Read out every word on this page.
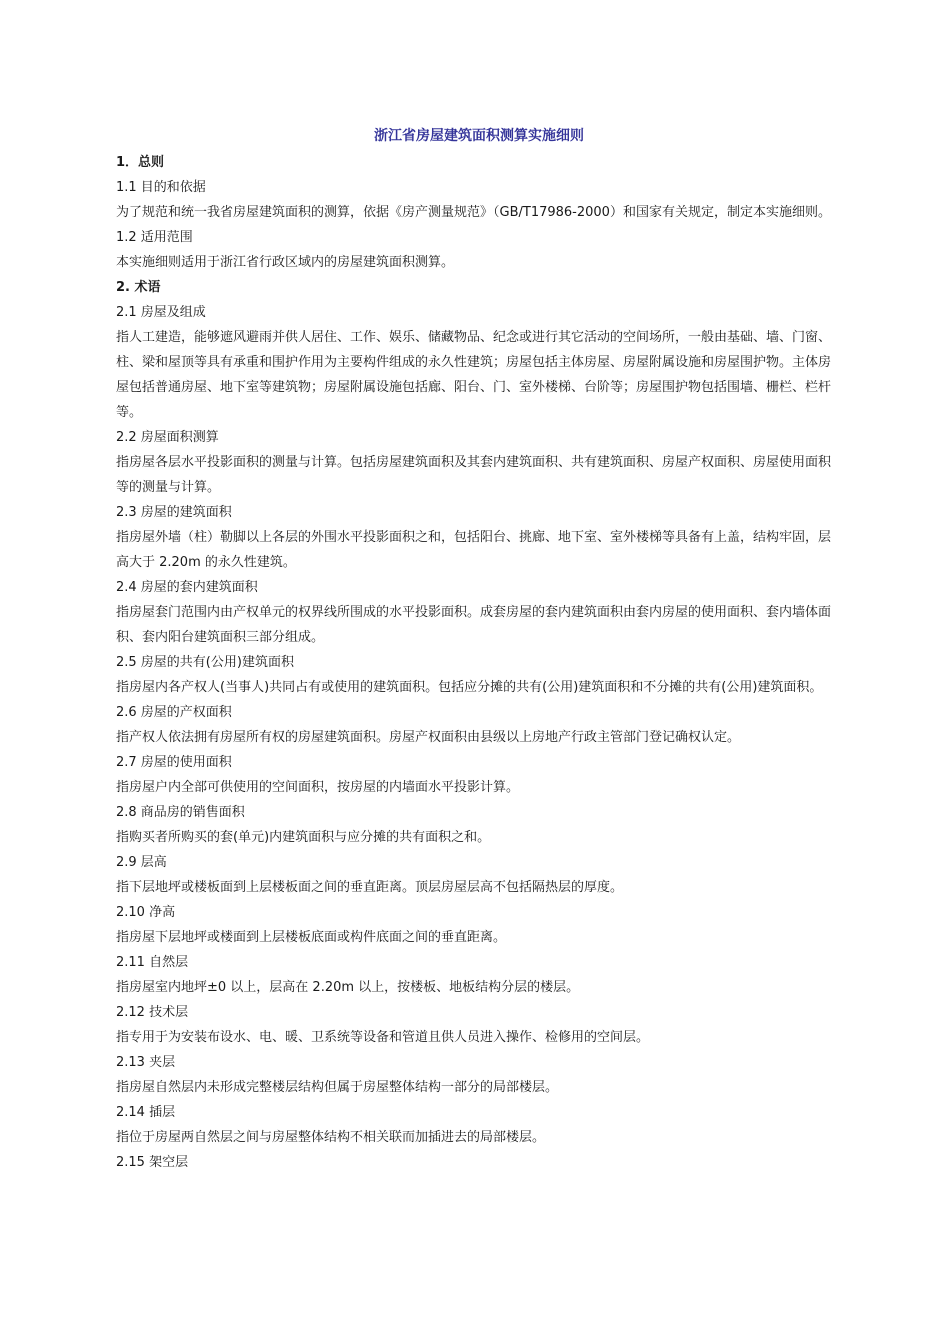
浙江省房屋建筑面积测算实施细则

1．总则

1.1 目的和依据

为了规范和统一我省房屋建筑面积的测算，依据《房产测量规范》（GB/T17986-2000）和国家有关规定，制定本实施细则。

1.2 适用范围

本实施细则适用于浙江省行政区域内的房屋建筑面积测算。

2. 术语

2.1 房屋及组成

指人工建造，能够遮风避雨并供人居住、工作、娱乐、储藏物品、纪念或进行其它活动的空间场所，一般由基础、墙、门窗、柱、梁和屋顶等具有承重和围护作用为主要构件组成的永久性建筑；房屋包括主体房屋、房屋附属设施和房屋围护物。主体房屋包括普通房屋、地下室等建筑物；房屋附属设施包括廊、阳台、门、室外楼梯、台阶等；房屋围护物包括围墙、栅栏、栏杆等。

2.2 房屋面积测算

指房屋各层水平投影面积的测量与计算。包括房屋建筑面积及其套内建筑面积、共有建筑面积、房屋产权面积、房屋使用面积等的测量与计算。

2.3 房屋的建筑面积

指房屋外墙（柱）勒脚以上各层的外围水平投影面积之和，包括阳台、挑廊、地下室、室外楼梯等具备有上盖，结构牢固，层高大于 2.20m 的永久性建筑。

2.4 房屋的套内建筑面积

指房屋套门范围内由产权单元的权界线所围成的水平投影面积。成套房屋的套内建筑面积由套内房屋的使用面积、套内墙体面积、套内阳台建筑面积三部分组成。

2.5 房屋的共有(公用)建筑面积

指房屋内各产权人(当事人)共同占有或使用的建筑面积。包括应分摊的共有(公用)建筑面积和不分摊的共有(公用)建筑面积。

2.6 房屋的产权面积

指产权人依法拥有房屋所有权的房屋建筑面积。房屋产权面积由县级以上房地产行政主管部门登记确权认定。

2.7 房屋的使用面积

指房屋户内全部可供使用的空间面积，按房屋的内墙面水平投影计算。

2.8 商品房的销售面积

指购买者所购买的套(单元)内建筑面积与应分摊的共有面积之和。

2.9 层高

指下层地坪或楼板面到上层楼板面之间的垂直距离。顶层房屋层高不包括隔热层的厚度。

2.10 净高

指房屋下层地坪或楼面到上层楼板底面或构件底面之间的垂直距离。

2.11 自然层

指房屋室内地坪±0 以上，层高在 2.20m 以上，按楼板、地板结构分层的楼层。

2.12 技术层

指专用于为安装布设水、电、暖、卫系统等设备和管道且供人员进入操作、检修用的空间层。

2.13 夹层

指房屋自然层内未形成完整楼层结构但属于房屋整体结构一部分的局部楼层。

2.14 插层

指位于房屋两自然层之间与房屋整体结构不相关联而加插进去的局部楼层。

2.15 架空层
